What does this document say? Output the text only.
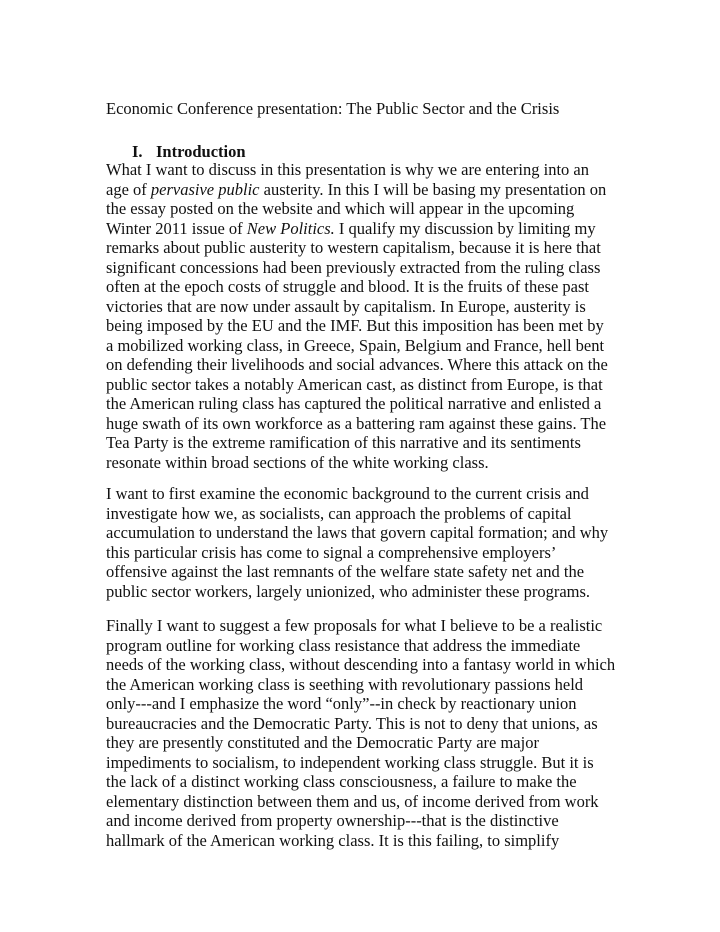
Economic Conference presentation: The Public Sector and the Crisis
I. Introduction
What I want to discuss in this presentation is why we are entering into an
age of pervasive public austerity. In this I will be basing my presentation on
the essay posted on the website and which will appear in the upcoming
Winter 2011 issue of New Politics. I qualify my discussion by limiting my
remarks about public austerity to western capitalism, because it is here that
significant concessions had been previously extracted from the ruling class
often at the epoch costs of struggle and blood. It is the fruits of these past
victories that are now under assault by capitalism. In Europe, austerity is
being imposed by the EU and the IMF. But this imposition has been met by
a mobilized working class, in Greece, Spain, Belgium and France, hell bent
on defending their livelihoods and social advances. Where this attack on the
public sector takes a notably American cast, as distinct from Europe, is that
the American ruling class has captured the political narrative and enlisted a
huge swath of its own workforce as a battering ram against these gains. The
Tea Party is the extreme ramification of this narrative and its sentiments
resonate within broad sections of the white working class.
I want to first examine the economic background to the current crisis and
investigate how we, as socialists, can approach the problems of capital
accumulation to understand the laws that govern capital formation; and why
this particular crisis has come to signal a comprehensive employers’
offensive against the last remnants of the welfare state safety net and the
public sector workers, largely unionized, who administer these programs.
Finally I want to suggest a few proposals for what I believe to be a realistic
program outline for working class resistance that address the immediate
needs of the working class, without descending into a fantasy world in which
the American working class is seething with revolutionary passions held
only---and I emphasize the word “only”--in check by reactionary union
bureaucracies and the Democratic Party. This is not to deny that unions, as
they are presently constituted and the Democratic Party are major
impediments to socialism, to independent working class struggle. But it is
the lack of a distinct working class consciousness, a failure to make the
elementary distinction between them and us, of income derived from work
and income derived from property ownership---that is the distinctive
hallmark of the American working class. It is this failing, to simplify
